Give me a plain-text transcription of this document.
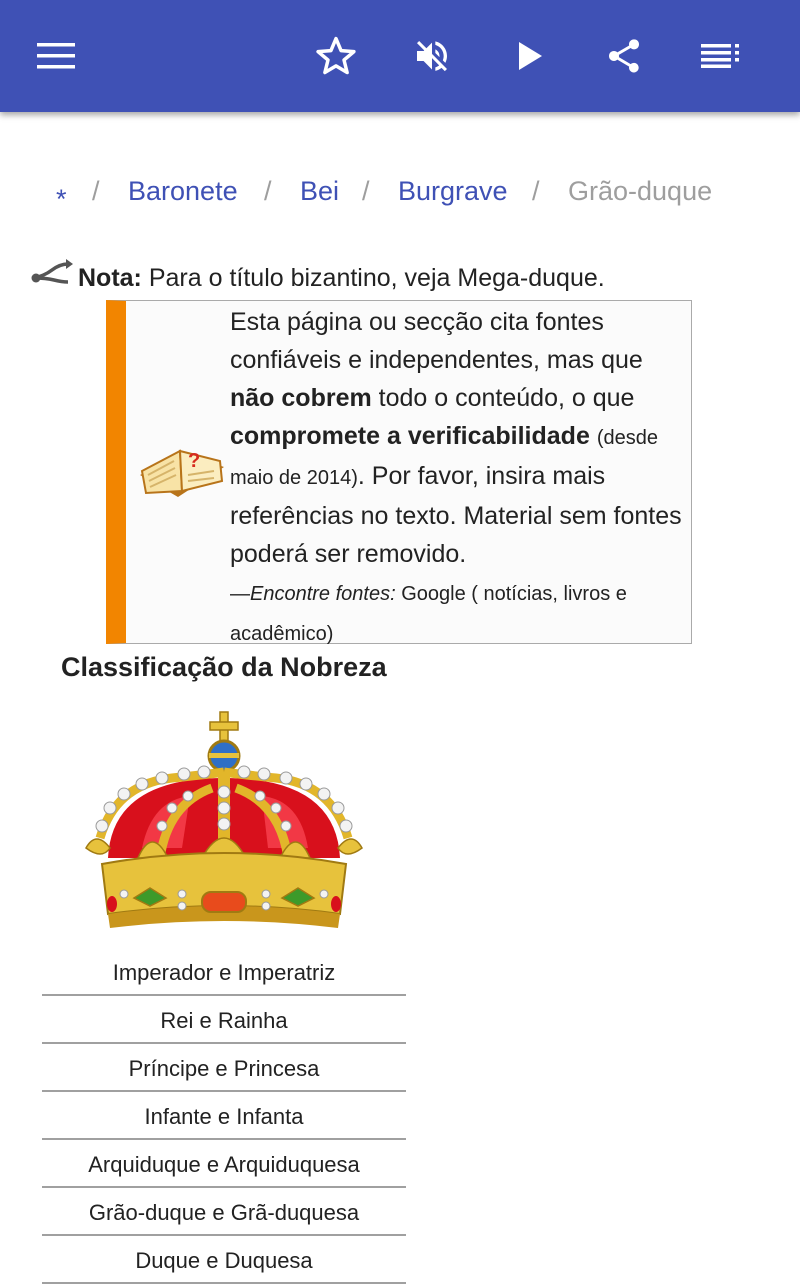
* / Baronete / Bei / Burgrave / Grão-duque
Nota: Para o título bizantino, veja Mega-duque.
?
Esta página ou secção cita fontes confiáveis e independentes, mas que não cobrem todo o conteúdo, o que compromete a verificabilidade (desde maio de 2014). Por favor, insira mais referências no texto. Material sem fontes poderá ser removido.
—Encontre fontes: Google ( notícias, livros e acadêmico)
Classificação da Nobreza
Imperador e Imperatriz
Rei e Rainha
Príncipe e Princesa
Infante e Infanta
Arquiduque e Arquiduquesa
Grão-duque e Grã-duquesa
Duque e Duquesa
